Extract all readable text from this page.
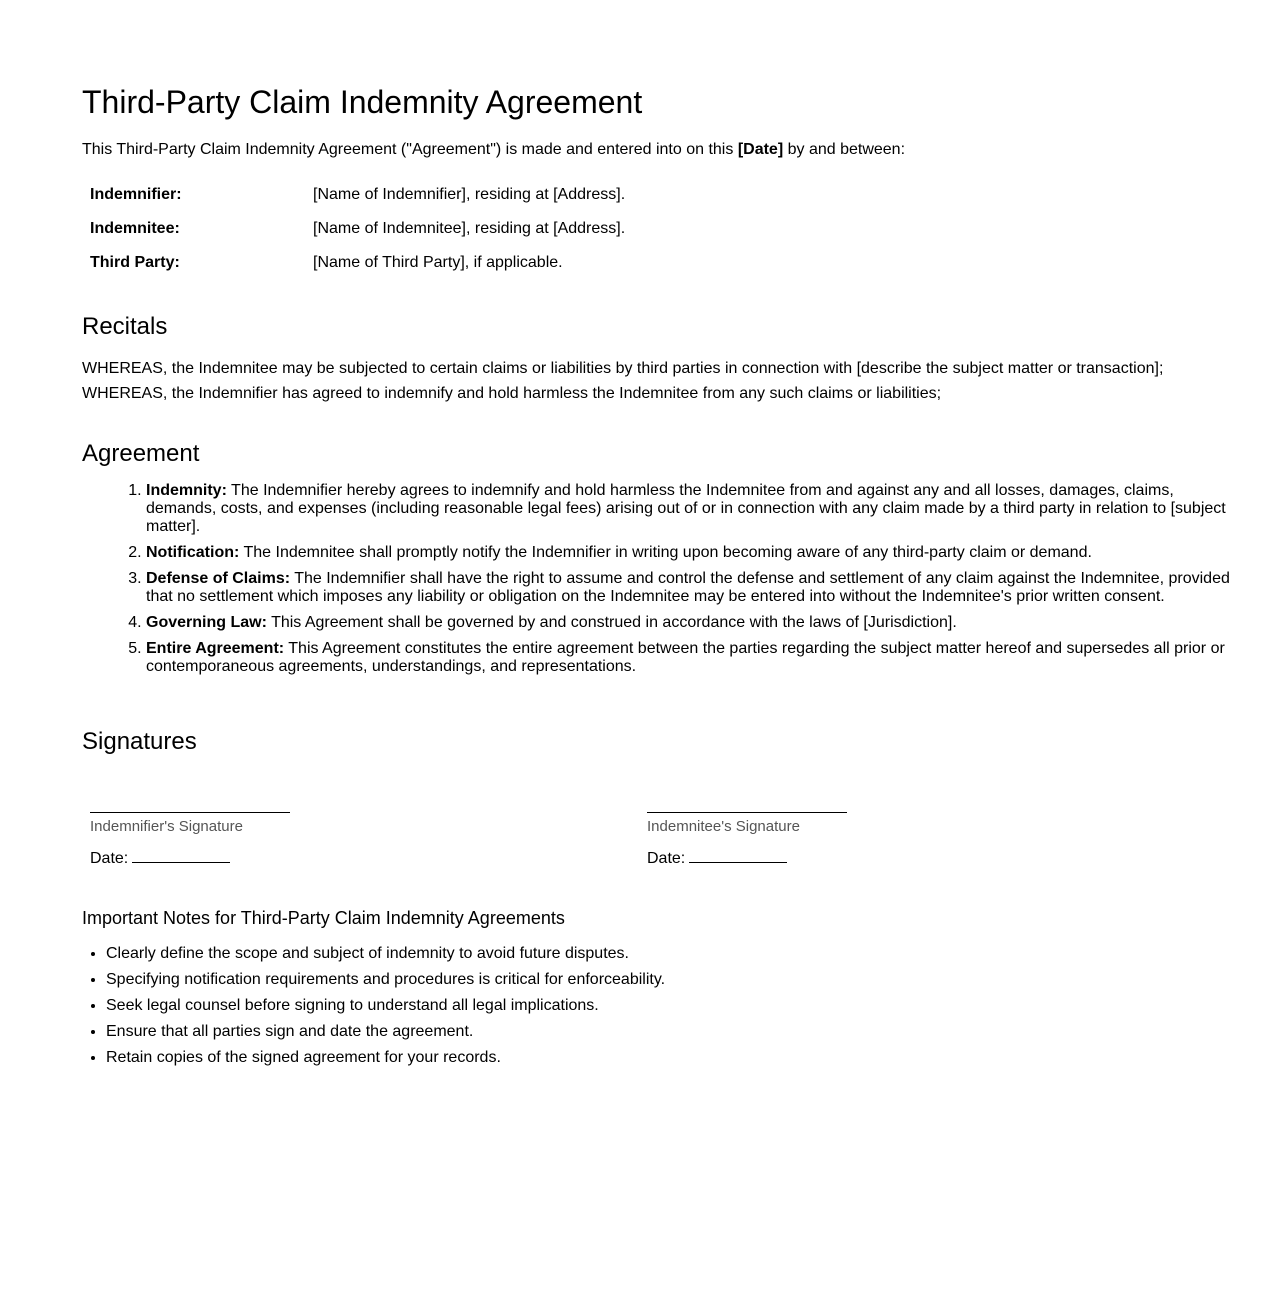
Third-Party Claim Indemnity Agreement

This Third-Party Claim Indemnity Agreement ("Agreement") is made and entered into on this [Date] by and between:

Indemnifier:	[Name of Indemnifier], residing at [Address].
Indemnitee:	[Name of Indemnitee], residing at [Address].
Third Party:	[Name of Third Party], if applicable.
Recitals

WHEREAS, the Indemnitee may be subjected to certain claims or liabilities by third parties in connection with [describe the subject matter or transaction];

WHEREAS, the Indemnifier has agreed to indemnify and hold harmless the Indemnitee from any such claims or liabilities;

Agreement
1. Indemnity: The Indemnifier hereby agrees to indemnify and hold harmless the Indemnitee from and against any and all losses, damages, claims, demands, costs, and expenses (including reasonable legal fees) arising out of or in connection with any claim made by a third party in relation to [subject matter].
2. Notification: The Indemnitee shall promptly notify the Indemnifier in writing upon becoming aware of any third-party claim or demand.
3. Defense of Claims: The Indemnifier shall have the right to assume and control the defense and settlement of any claim against the Indemnitee, provided that no settlement which imposes any liability or obligation on the Indemnitee may be entered into without the Indemnitee's prior written consent.
4. Governing Law: This Agreement shall be governed by and construed in accordance with the laws of [Jurisdiction].
5. Entire Agreement: This Agreement constitutes the entire agreement between the parties regarding the subject matter hereof and supersedes all prior or contemporaneous agreements, understandings, and representations.
Signatures
Indemnifier's Signature
Date:
Indemnitee's Signature
Date:
Important Notes for Third-Party Claim Indemnity Agreements
• Clearly define the scope and subject of indemnity to avoid future disputes.
• Specifying notification requirements and procedures is critical for enforceability.
• Seek legal counsel before signing to understand all legal implications.
• Ensure that all parties sign and date the agreement.
• Retain copies of the signed agreement for your records.
